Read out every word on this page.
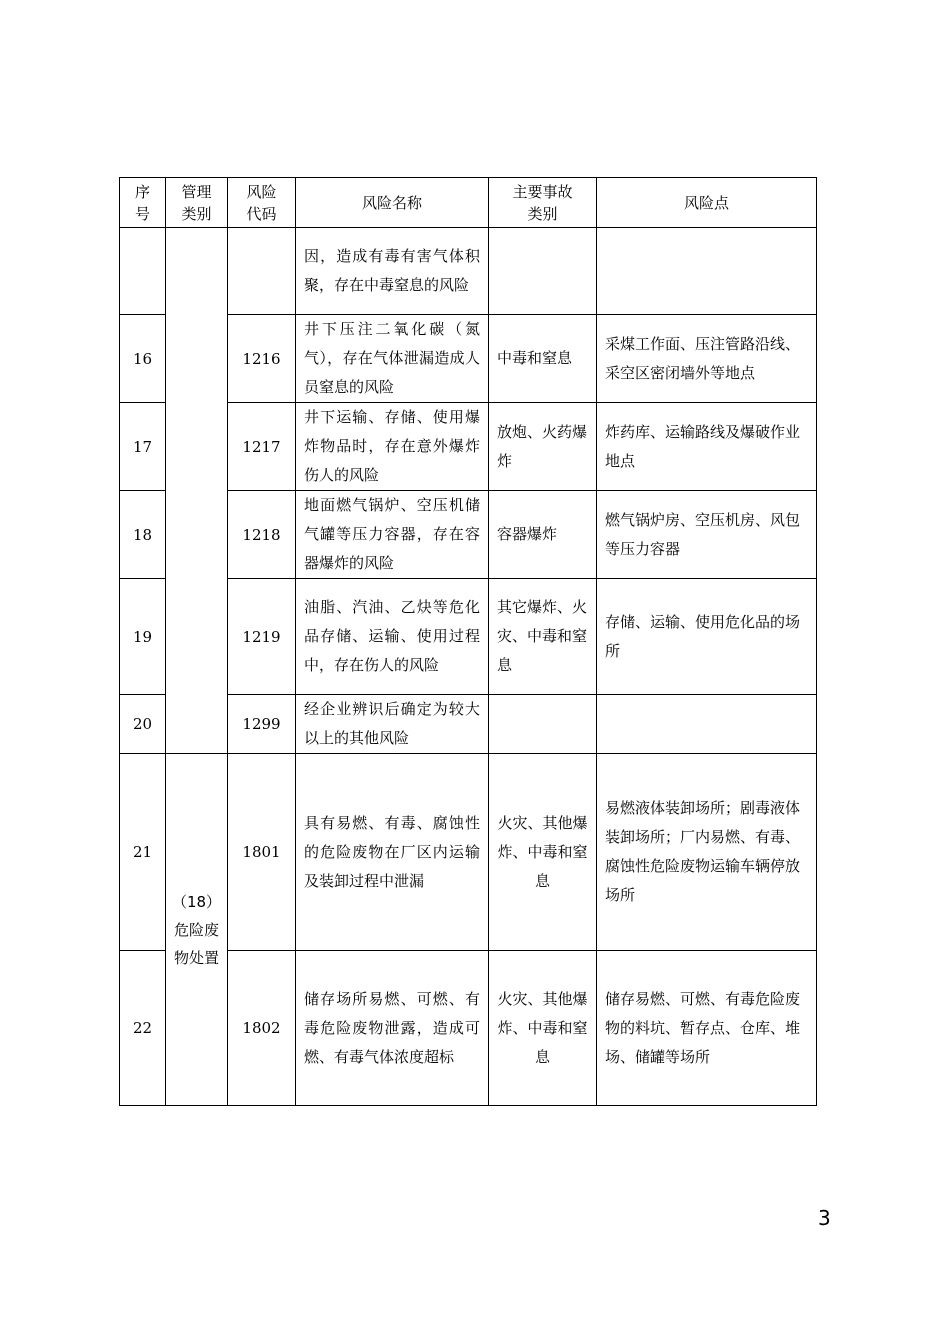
序号	管理类别	风险代码	风险名称	主要事故类别	风险点
			因，造成有毒有害气体积聚，存在中毒窒息的风险		
16		1216	井下压注二氧化碳（氮气），存在气体泄漏造成人员窒息的风险	中毒和窒息	采煤工作面、压注管路沿线、采空区密闭墙外等地点
17		1217	井下运输、存储、使用爆炸物品时，存在意外爆炸伤人的风险	放炮、火药爆炸	炸药库、运输路线及爆破作业地点
18		1218	地面燃气锅炉、空压机储气罐等压力容器，存在容器爆炸的风险	容器爆炸	燃气锅炉房、空压机房、风包等压力容器
19		1219	油脂、汽油、乙炔等危化品存储、运输、使用过程中，存在伤人的风险	其它爆炸、火灾、中毒和窒息	存储、运输、使用危化品的场所
20		1299	经企业辨识后确定为较大以上的其他风险		
21	（18）危险废物处置	1801	具有易燃、有毒、腐蚀性的危险废物在厂区内运输及装卸过程中泄漏	火灾、其他爆炸、中毒和窒息	易燃液体装卸场所；剧毒液体装卸场所；厂内易燃、有毒、腐蚀性危险废物运输车辆停放场所
22		1802	储存场所易燃、可燃、有毒危险废物泄露，造成可燃、有毒气体浓度超标	火灾、其他爆炸、中毒和窒息	储存易燃、可燃、有毒危险废物的料坑、暂存点、仓库、堆场、储罐等场所
3
